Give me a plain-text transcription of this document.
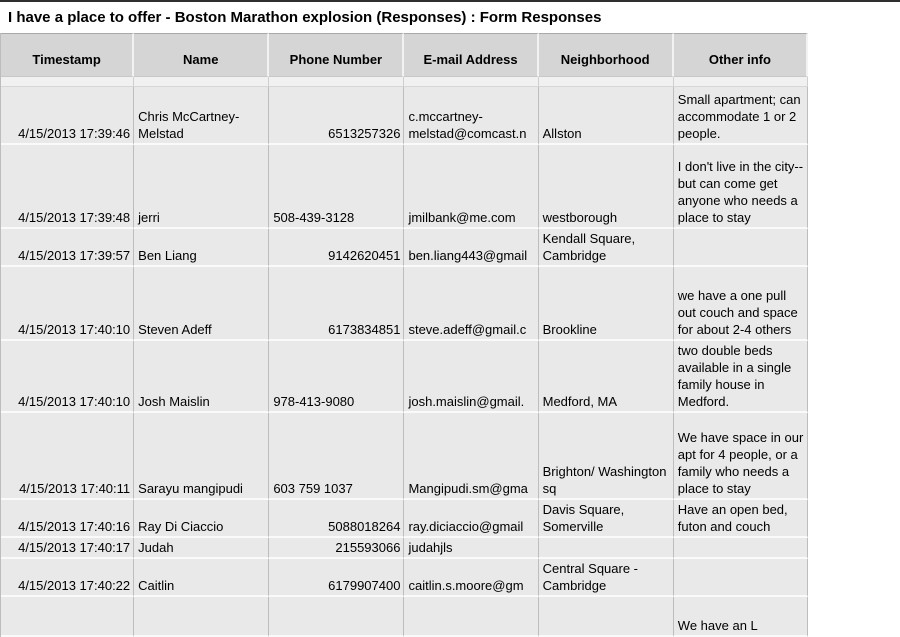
I have a place to offer - Boston Marathon explosion (Responses) : Form Responses
Timestamp	Name	Phone Number	E-mail Address	Neighborhood	Other info

4/15/2013 17:39:46	Chris McCartney-Melstad	6513257326	c.mccartney-melstad@comcast.n	Allston	Small apartment; can accommodate 1 or 2 people.
4/15/2013 17:39:48	jerri	508-439-3128	jmilbank@me.com	westborough	I don't live in the city--but can come get anyone who needs a place to stay
4/15/2013 17:39:57	Ben Liang	9142620451	ben.liang443@gmail	Kendall Square, Cambridge	
4/15/2013 17:40:10	Steven Adeff	6173834851	steve.adeff@gmail.c	Brookline	we have a one pull out couch and space for about 2-4 others
4/15/2013 17:40:10	Josh Maislin	978-413-9080	josh.maislin@gmail.	Medford, MA	two double beds available in a single family house in Medford.
4/15/2013 17:40:11	Sarayu mangipudi	603 759 1037	Mangipudi.sm@gma	Brighton/ Washington sq	We have space in our apt for 4 people, or a family who needs a place to stay
4/15/2013 17:40:16	Ray Di Ciaccio	5088018264	ray.diciaccio@gmail	Davis Square, Somerville	Have an open bed, futon and couch
4/15/2013 17:40:17	Judah	215593066	judahjls		
4/15/2013 17:40:22	Caitlin	6179907400	caitlin.s.moore@gm	Central Square - Cambridge	
					We have an L
